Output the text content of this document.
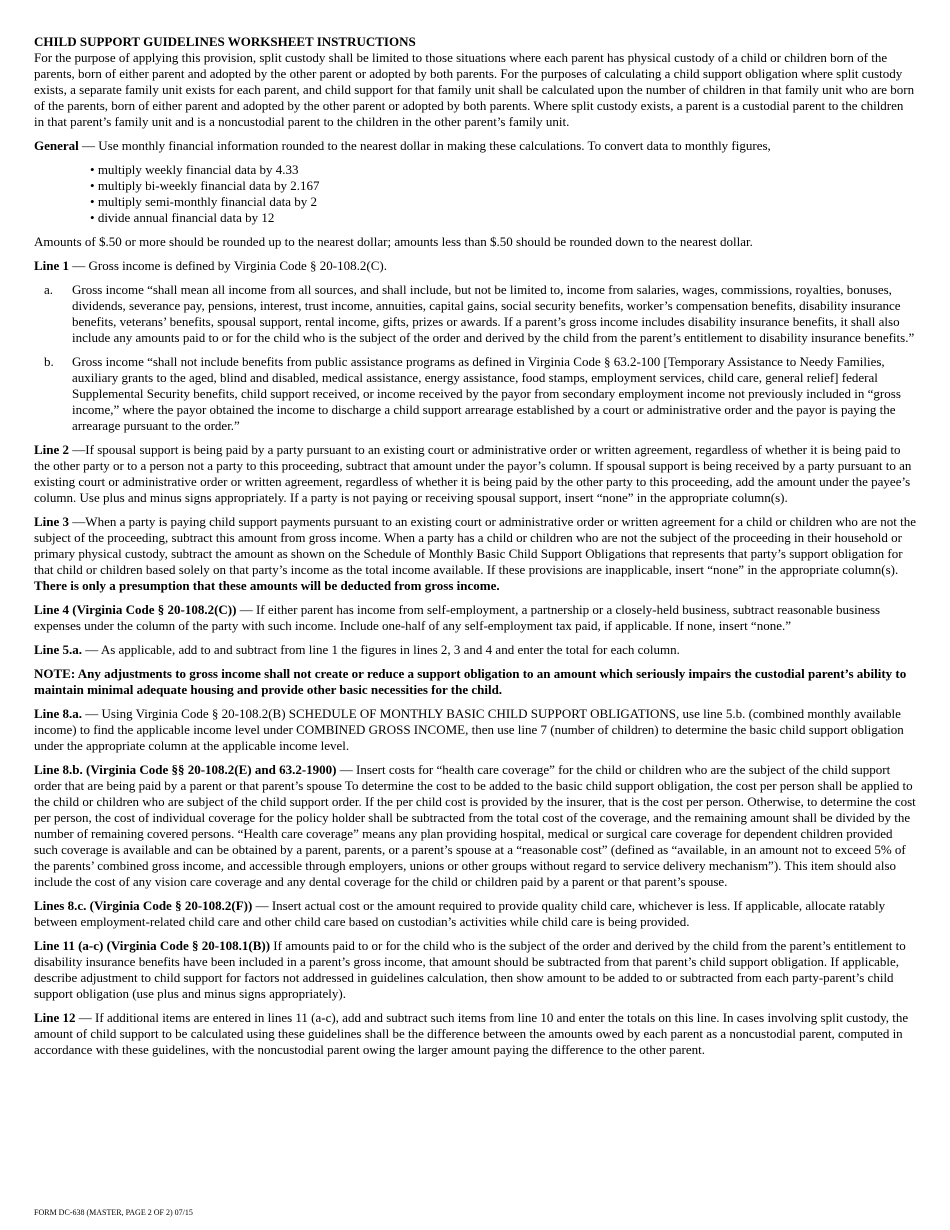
CHILD SUPPORT GUIDELINES WORKSHEET INSTRUCTIONS

For the purpose of applying this provision, split custody shall be limited to those situations where each parent has physical custody of a child or children born of the parents, born of either parent and adopted by the other parent or adopted by both parents. For the purposes of calculating a child support obligation where split custody exists, a separate family unit exists for each parent, and child support for that family unit shall be calculated upon the number of children in that family unit who are born of the parents, born of either parent and adopted by the other parent or adopted by both parents. Where split custody exists, a parent is a custodial parent to the children in that parent’s family unit and is a noncustodial parent to the children in the other parent’s family unit.

General — Use monthly financial information rounded to the nearest dollar in making these calculations. To convert data to monthly figures,

• multiply weekly financial data by 4.33
• multiply bi-weekly financial data by 2.167
• multiply semi-monthly financial data by 2
• divide annual financial data by 12

Amounts of $.50 or more should be rounded up to the nearest dollar; amounts less than $.50 should be rounded down to the nearest dollar.

Line 1 — Gross income is defined by Virginia Code § 20-108.2(C).

a. Gross income “shall mean all income from all sources, and shall include, but not be limited to, income from salaries, wages, commissions, royalties, bonuses, dividends, severance pay, pensions, interest, trust income, annuities, capital gains, social security benefits, worker’s compensation benefits, disability insurance benefits, veterans’ benefits, spousal support, rental income, gifts, prizes or awards. If a parent’s gross income includes disability insurance benefits, it shall also include any amounts paid to or for the child who is the subject of the order and derived by the child from the parent’s entitlement to disability insurance benefits.”
b. Gross income “shall not include benefits from public assistance programs as defined in Virginia Code § 63.2-100 [Temporary Assistance to Needy Families, auxiliary grants to the aged, blind and disabled, medical assistance, energy assistance, food stamps, employment services, child care, general relief] federal Supplemental Security benefits, child support received, or income received by the payor from secondary employment income not previously included in “gross income,” where the payor obtained the income to discharge a child support arrearage established by a court or administrative order and the payor is paying the arrearage pursuant to the order.”

Line 2 —If spousal support is being paid by a party pursuant to an existing court or administrative order or written agreement, regardless of whether it is being paid to the other party or to a person not a party to this proceeding, subtract that amount under the payor’s column. If spousal support is being received by a party pursuant to an existing court or administrative order or written agreement, regardless of whether it is being paid by the other party to this proceeding, add the amount under the payee’s column. Use plus and minus signs appropriately. If a party is not paying or receiving spousal support, insert “none” in the appropriate column(s).

Line 3 —When a party is paying child support payments pursuant to an existing court or administrative order or written agreement for a child or children who are not the subject of the proceeding, subtract this amount from gross income. When a party has a child or children who are not the subject of the proceeding in their household or primary physical custody, subtract the amount as shown on the Schedule of Monthly Basic Child Support Obligations that represents that party’s support obligation for that child or children based solely on that party’s income as the total income available. If these provisions are inapplicable, insert “none” in the appropriate column(s). There is only a presumption that these amounts will be deducted from gross income.

Line 4 (Virginia Code § 20-108.2(C)) — If either parent has income from self-employment, a partnership or a closely-held business, subtract reasonable business expenses under the column of the party with such income. Include one-half of any self-employment tax paid, if applicable. If none, insert “none.”

Line 5.a. — As applicable, add to and subtract from line 1 the figures in lines 2, 3 and 4 and enter the total for each column.

NOTE: Any adjustments to gross income shall not create or reduce a support obligation to an amount which seriously impairs the custodial parent’s ability to maintain minimal adequate housing and provide other basic necessities for the child.

Line 8.a. — Using Virginia Code § 20-108.2(B) SCHEDULE OF MONTHLY BASIC CHILD SUPPORT OBLIGATIONS, use line 5.b. (combined monthly available income) to find the applicable income level under COMBINED GROSS INCOME, then use line 7 (number of children) to determine the basic child support obligation under the appropriate column at the applicable income level.

Line 8.b. (Virginia Code §§ 20-108.2(E) and 63.2-1900) — Insert costs for “health care coverage” for the child or children who are the subject of the child support order that are being paid by a parent or that parent’s spouse To determine the cost to be added to the basic child support obligation, the cost per person shall be applied to the child or children who are subject of the child support order. If the per child cost is provided by the insurer, that is the cost per person. Otherwise, to determine the cost per person, the cost of individual coverage for the policy holder shall be subtracted from the total cost of the coverage, and the remaining amount shall be divided by the number of remaining covered persons. “Health care coverage” means any plan providing hospital, medical or surgical care coverage for dependent children provided such coverage is available and can be obtained by a parent, parents, or a parent’s spouse at a “reasonable cost” (defined as “available, in an amount not to exceed 5% of the parents’ combined gross income, and accessible through employers, unions or other groups without regard to service delivery mechanism”). This item should also include the cost of any vision care coverage and any dental coverage for the child or children paid by a parent or that parent’s spouse.

Lines 8.c. (Virginia Code § 20-108.2(F)) — Insert actual cost or the amount required to provide quality child care, whichever is less. If applicable, allocate ratably between employment-related child care and other child care based on custodian’s activities while child care is being provided.

Line 11 (a-c) (Virginia Code § 20-108.1(B)) If amounts paid to or for the child who is the subject of the order and derived by the child from the parent’s entitlement to disability insurance benefits have been included in a parent’s gross income, that amount should be subtracted from that parent’s child support obligation. If applicable, describe adjustment to child support for factors not addressed in guidelines calculation, then show amount to be added to or subtracted from each party-parent’s child support obligation (use plus and minus signs appropriately).

Line 12 — If additional items are entered in lines 11 (a-c), add and subtract such items from line 10 and enter the totals on this line. In cases involving split custody, the amount of child support to be calculated using these guidelines shall be the difference between the amounts owed by each parent as a noncustodial parent, computed in accordance with these guidelines, with the noncustodial parent owing the larger amount paying the difference to the other parent.

FORM DC-638 (MASTER, PAGE 2 OF 2) 07/15
